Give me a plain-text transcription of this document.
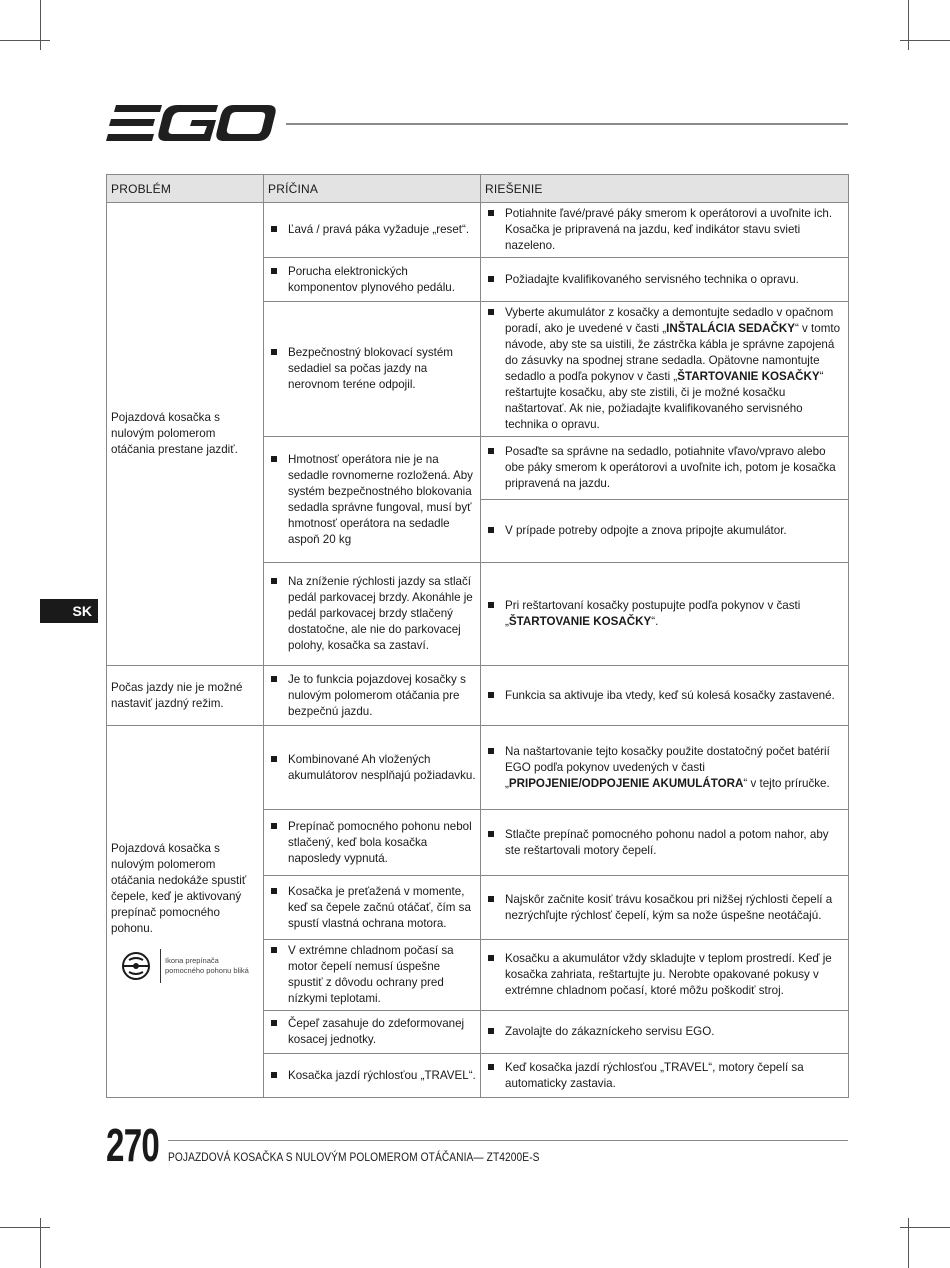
PROBLÉM	PRÍČINA	RIEŠENIE
Pojazdová kosačka s nulovým polomerom otáčania prestane jazdiť.	Ľavá / pravá páka vyžaduje „reset“.	Potiahnite ľavé/pravé páky smerom k operátorovi a uvoľnite ich. Kosačka je pripravená na jazdu, keď indikátor stavu svieti nazeleno.

	Porucha elektronických komponentov plynového pedálu.	Požiadajte kvalifikovaného servisného technika o opravu.

	Bezpečnostný blokovací systém sedadiel sa počas jazdy na nerovnom teréne odpojil.	Vyberte akumulátor z kosačky a demontujte sedadlo v opačnom poradí, ako je uvedené v časti „INŠTALÁCIA SEDAČKY“ v tomto návode, aby ste sa uistili, že zástrčka kábla je správne zapojená do zásuvky na spodnej strane sedadla. Opätovne namontujte sedadlo a podľa pokynov v časti „ŠTARTOVANIE KOSAČKY“ reštartujte kosačku, aby ste zistili, či je možné kosačku naštartovať. Ak nie, požiadajte kvalifikovaného servisného technika o opravu.

	Hmotnosť operátora nie je na sedadle rovnomerne rozložená. Aby systém bezpečnostného blokovania sedadla správne fungoval, musí byť hmotnosť operátora na sedadle aspoň 20 kg	Posaďte sa správne na sedadlo, potiahnite vľavo/vpravo alebo obe páky smerom k operátorovi a uvoľnite ich, potom je kosačka pripravená na jazdu.

		V prípade potreby odpojte a znova pripojte akumulátor.

	Na zníženie rýchlosti jazdy sa stlačí pedál parkovacej brzdy. Akonáhle je pedál parkovacej brzdy stlačený dostatočne, ale nie do parkovacej polohy, kosačka sa zastaví.	Pri reštartovaní kosačky postupujte podľa pokynov v časti „ŠTARTOVANIE KOSAČKY“.

Počas jazdy nie je možné nastaviť jazdný režim.	Je to funkcia pojazdovej kosačky s nulovým polomerom otáčania pre bezpečnú jazdu.	Funkcia sa aktivuje iba vtedy, keď sú kolesá kosačky zastavené.

Pojazdová kosačka s nulovým polomerom otáčania nedokáže spustiť čepele, keď je aktivovaný prepínač pomocného pohonu.
Ikona prepínača pomocného pohonu bliká	Kombinované Ah vložených akumulátorov nesplňajú požiadavku.	Na naštartovanie tejto kosačky použite dostatočný počet batérií EGO podľa pokynov uvedených v časti „PRIPOJENIE/ODPOJENIE AKUMULÁTORA“ v tejto príručke.

	Prepínač pomocného pohonu nebol stlačený, keď bola kosačka naposledy vypnutá.	Stlačte prepínač pomocného pohonu nadol a potom nahor, aby ste reštartovali motory čepelí.

	Kosačka je preťažená v momente, keď sa čepele začnú otáčať, čím sa spustí vlastná ochrana motora.	Najskôr začnite kosiť trávu kosačkou pri nižšej rýchlosti čepelí a nezrýchľujte rýchlosť čepelí, kým sa nože úspešne neotáčajú.

	V extrémne chladnom počasí sa motor čepelí nemusí úspešne spustiť z dôvodu ochrany pred nízkymi teplotami.	Kosačku a akumulátor vždy skladujte v teplom prostredí. Keď je kosačka zahriata, reštartujte ju. Nerobte opakované pokusy v extrémne chladnom počasí, ktoré môžu poškodiť stroj.

	Čepeľ zasahuje do zdeformovanej kosacej jednotky.	Zavolajte do zákazníckeho servisu EGO.

	Kosačka jazdí rýchlosťou „TRAVEL“.	Keď kosačka jazdí rýchlosťou „TRAVEL“, motory čepelí sa automaticky zastavia.
SK
270 POJAZDOVÁ KOSAČKA S NULOVÝM POLOMEROM OTÁČANIA— ZT4200E-S
